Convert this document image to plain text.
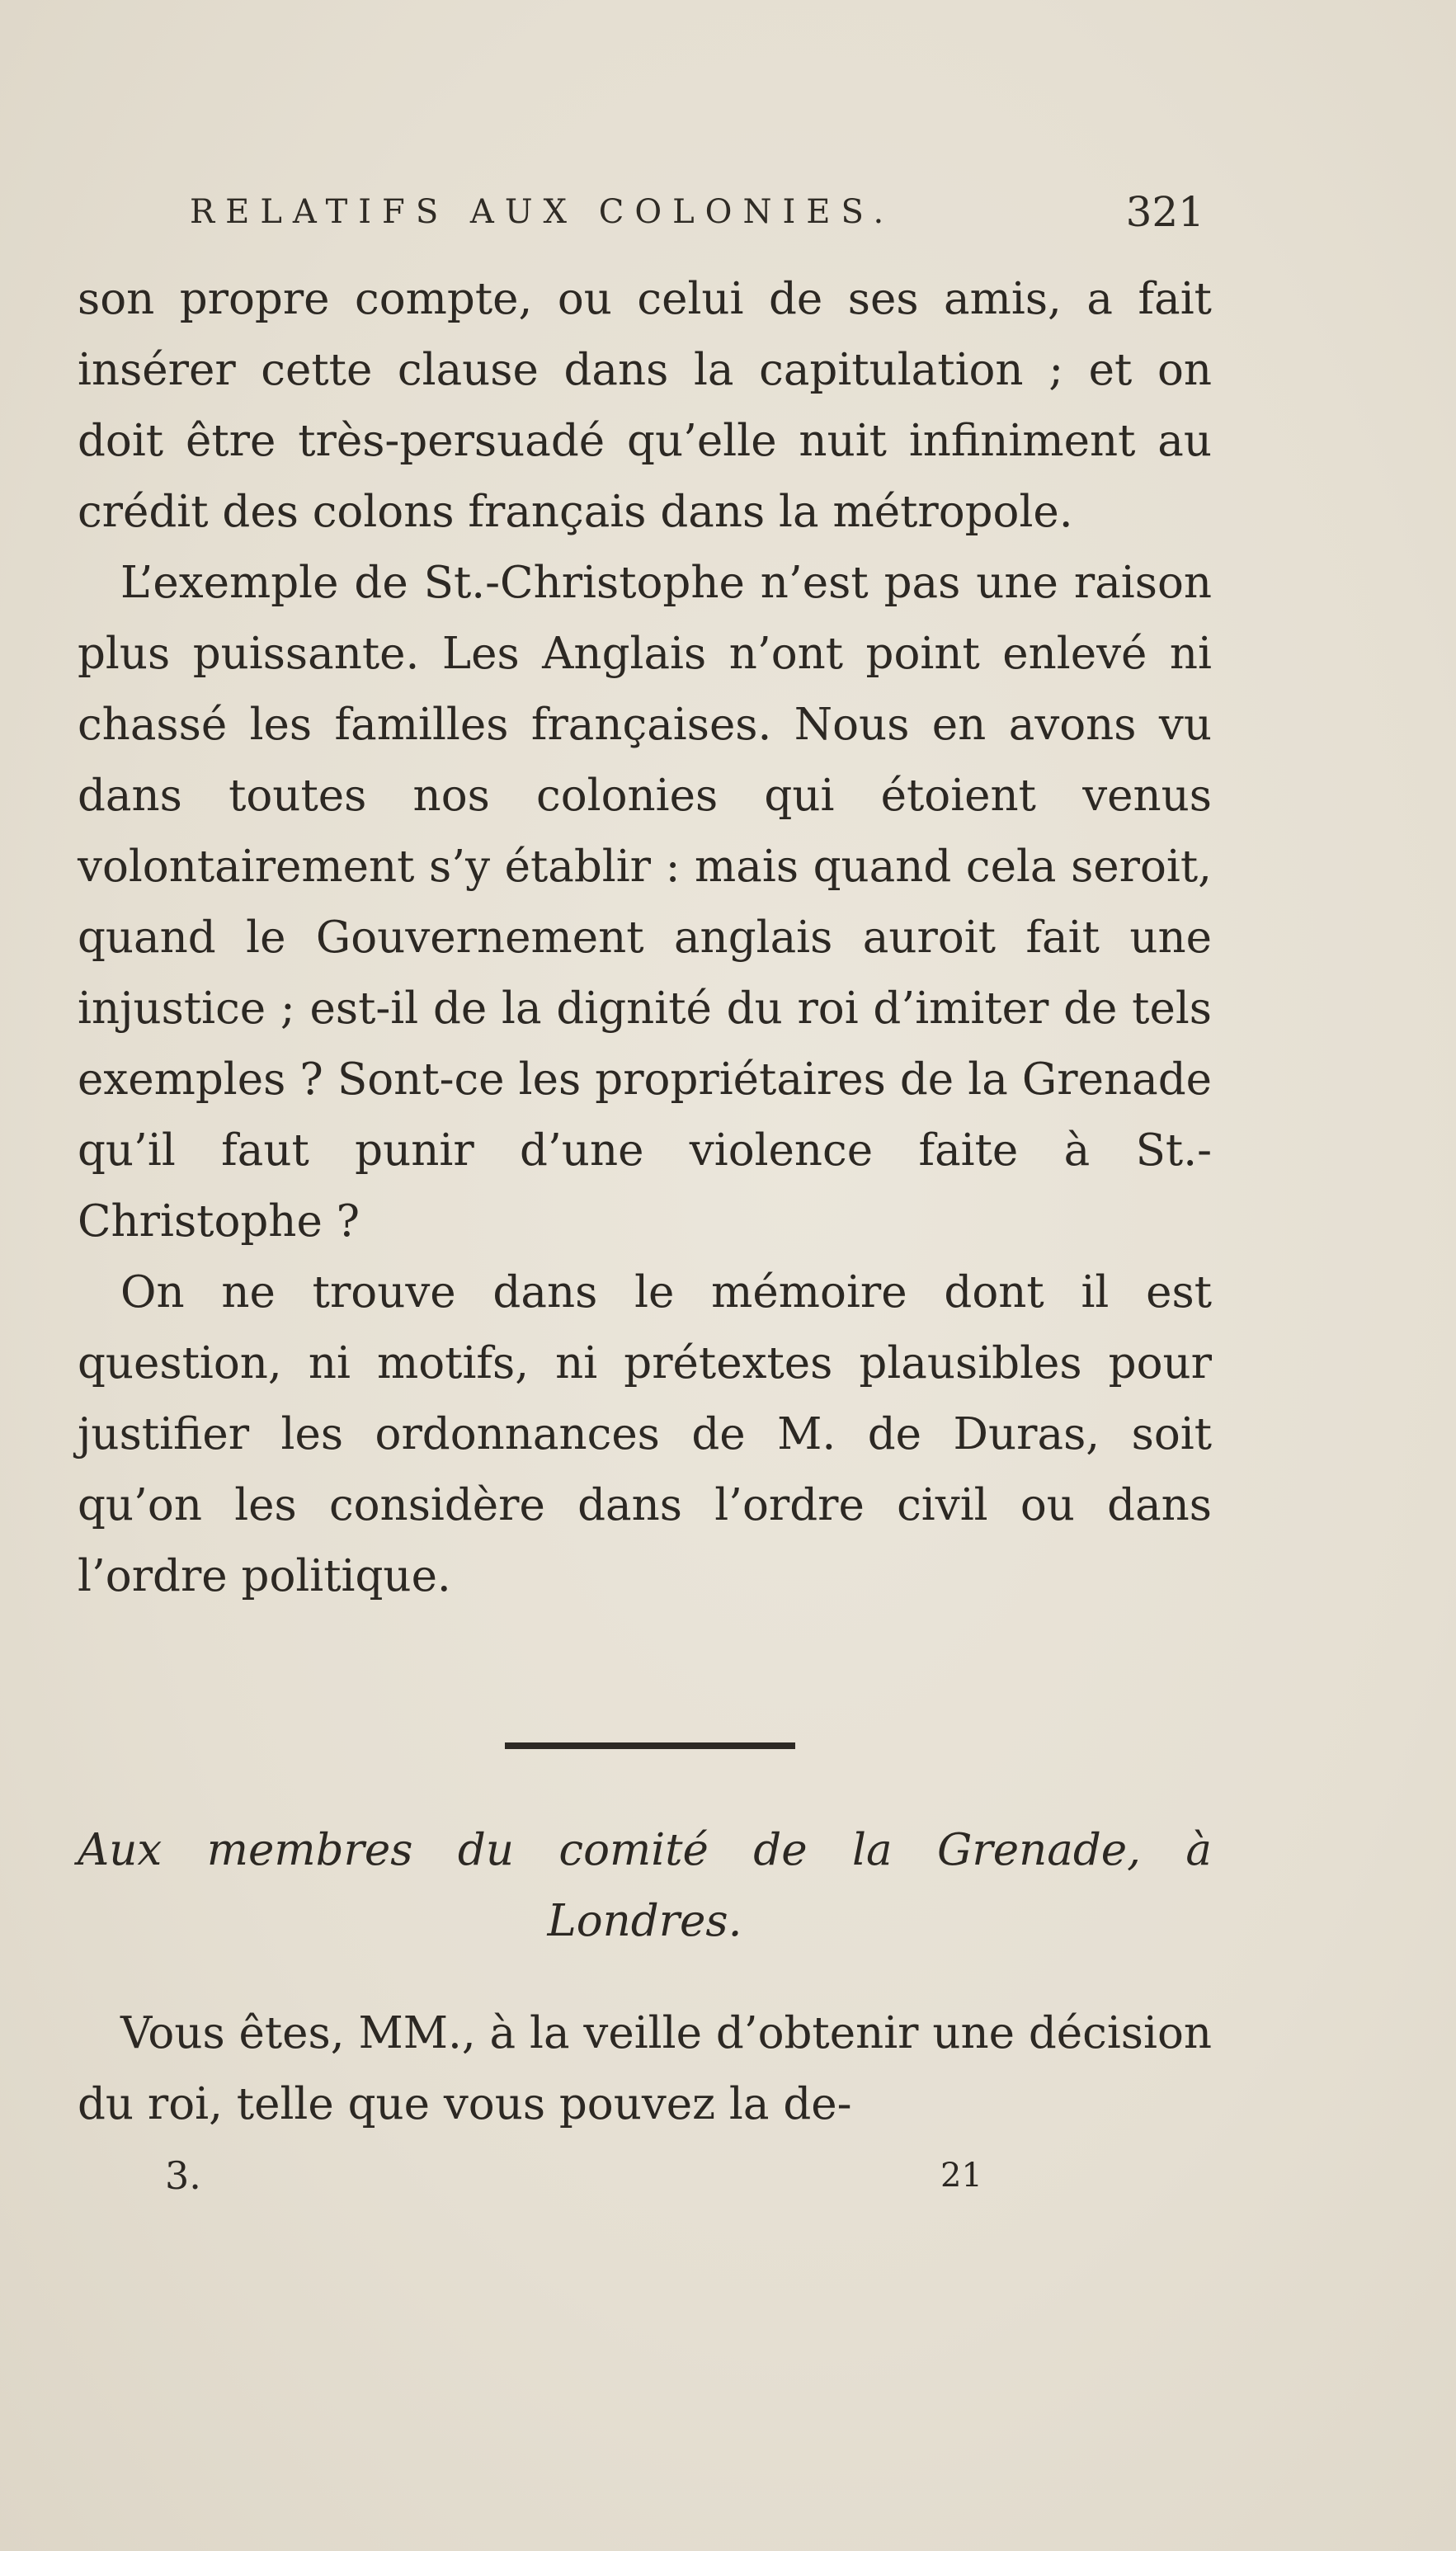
RELATIFS AUX COLONIES.	321

son propre compte, ou celui de ses amis, a fait insérer cette clause dans la capitulation ; et on doit être très-persuadé qu’elle nuit infiniment au crédit des colons français dans la métropole.

L’exemple de St.-Christophe n’est pas une raison plus puissante. Les Anglais n’ont point enlevé ni chassé les familles françaises. Nous en avons vu dans toutes nos colonies qui étoient venus volontairement s’y établir : mais quand cela seroit, quand le Gouvernement anglais auroit fait une injustice ; est-il de la dignité du roi d’imiter de tels exemples ? Sont-ce les propriétaires de la Grenade qu’il faut punir d’une violence faite à St.-Christophe ?

On ne trouve dans le mémoire dont il est question, ni motifs, ni prétextes plausibles pour justifier les ordonnances de M. de Duras, soit qu’on les considère dans l’ordre civil ou dans l’ordre politique.

Aux membres du comité de la Grenade, à
Londres.

Vous êtes, MM., à la veille d’obtenir une décision du roi, telle que vous pouvez la de-

3.	21
